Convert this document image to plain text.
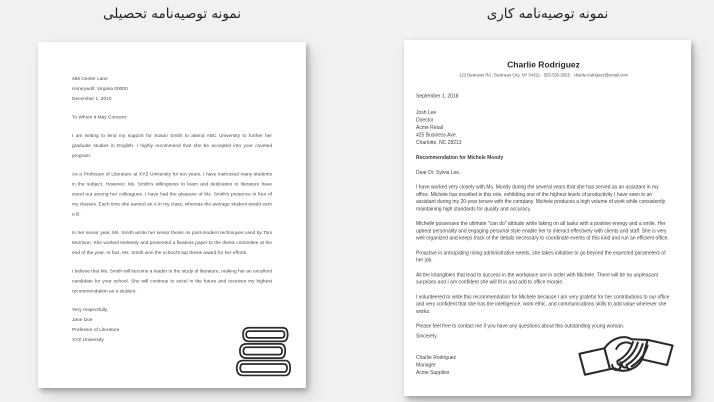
نمونه توصیه‌نامه تحصیلی	نمونه توصیه‌نامه کاری
456 Center Lane
Honeywolf, Virginia 00000
December 1, 2010
To Whom It May Concern:

I am writing to lend my support for Susan Smith to attend ABC University to further her graduate studies in English. I highly recommend that she be accepted into your coveted program.

As a Professor of Literature at XYZ University for ten years, I have instructed many students in the subject. However, Ms. Smith's willingness to learn and dedication to literature have stood out among her colleagues. I have had the pleasure of Ms. Smith's presence in four of my classes. Each time she earned an A in my class, whereas the average student would earn a B.

In her senior year, Ms. Smith wrote her senior thesis on post-modern techniques used by Toni Morrison. She worked tirelessly and presented a flawless paper to the thesis committee at the end of the year. In fact, Ms. Smith won the school's top thesis award for her efforts.

I believe that Ms. Smith will become a leader in the study of literature, making her an excellent candidate for your school. She will continue to excel in the future and receives my highest recommendation as a student.

Very respectfully,
Jane Doe
Professor of Literature
XYZ University
Charlie Rodriguez
123 Business Rd., Business City, NY 54321 · 555-555-5555 · charlie.rodriguez@email.com
September 1, 2018
Josh Lee
Director
Acme Retail
425 Business Ave.
Charlotte, NC 28213
Recommendation for Michele Moody
Dear Dr. Sylvia Lee,

I have worked very closely with Ms. Moody during the several years that she has served as an assistant in my office. Michele has excelled in this role, exhibiting one of the highest levels of productivity I have seen in an assistant during my 20-year tenure with the company. Michele produces a high volume of work while consistently maintaining high standards for quality and accuracy.

Michelle possesses the ultimate "can do" attitude while taking on all tasks with a positive energy and a smile. Her upbeat personality and engaging personal style enable her to interact effectively with clients and staff. She is very well organized and keeps track of the details necessary to coordinate events of this kind and run an efficient office.

Proactive in anticipating rising administrative needs, she takes initiative to go beyond the expected parameters of her job.

All the intangibles that lead to success in the workplace are in order with Michele. There will be no unpleasant surprises and I am confident she will fit in and add to office morale.

I volunteered to write this recommendation for Michele because I am very grateful for her contributions to our office and very confident that she has the intelligence, work ethic, and communications skills to add value wherever she works.

Please feel free to contact me if you have any questions about this outstanding young woman.

Sincerely,
Charlie Rodriguez
Manager
Acme Supplies
